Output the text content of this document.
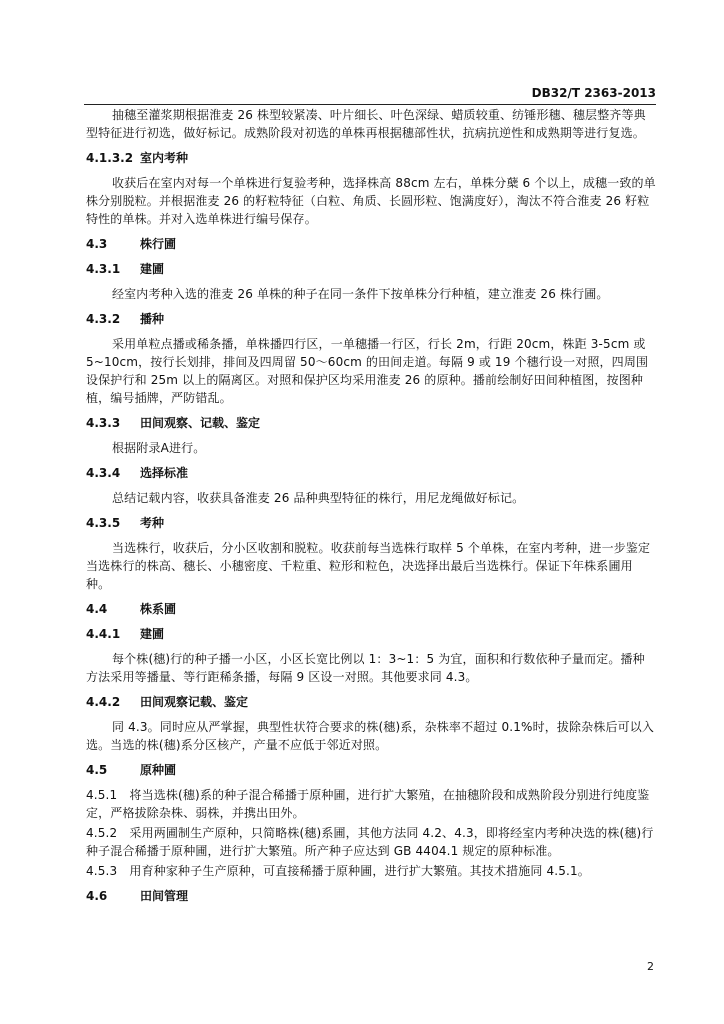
DB32/T 2363-2013
抽穗至灌浆期根据淮麦 26 株型较紧凑、叶片细长、叶色深绿、蜡质较重、纺锤形穗、穗层整齐等典型特征进行初选，做好标记。成熟阶段对初选的单株再根据穗部性状，抗病抗逆性和成熟期等进行复选。
4.1.3.2 室内考种
收获后在室内对每一个单株进行复验考种，选择株高 88cm 左右，单株分蘖 6 个以上，成穗一致的单株分别脱粒。并根据淮麦 26 的籽粒特征（白粒、角质、长圆形粒、饱满度好），淘汰不符合淮麦 26 籽粒特性的单株。并对入选单株进行编号保存。
4.3	株行圃
4.3.1 建圃
经室内考种入选的淮麦 26 单株的种子在同一条件下按单株分行种植，建立淮麦 26 株行圃。
4.3.2 播种
采用单粒点播或稀条播，单株播四行区，一单穗播一行区，行长 2m，行距 20cm，株距 3-5cm 或 5~10cm，按行长划排，排间及四周留 50～60cm 的田间走道。每隔 9 或 19 个穗行设一对照，四周围设保护行和 25m 以上的隔离区。对照和保护区均采用淮麦 26 的原种。播前绘制好田间种植图，按图种植，编号插牌，严防错乱。
4.3.3 田间观察、记载、鉴定
根据附录A进行。
4.3.4 选择标准
总结记载内容，收获具备淮麦 26 品种典型特征的株行，用尼龙绳做好标记。
4.3.5 考种
当选株行，收获后，分小区收割和脱粒。收获前每当选株行取样 5 个单株，在室内考种，进一步鉴定当选株行的株高、穗长、小穗密度、千粒重、粒形和粒色，决选择出最后当选株行。保证下年株系圃用种。
4.4	株系圃
4.4.1 建圃
每个株(穗)行的种子播一小区，小区长宽比例以 1：3~1：5 为宜，面积和行数依种子量而定。播种方法采用等播量、等行距稀条播，每隔 9 区设一对照。其他要求同 4.3。
4.4.2 田间观察记载、鉴定
同 4.3。同时应从严掌握，典型性状符合要求的株(穗)系，杂株率不超过 0.1%时，拔除杂株后可以入选。当选的株(穗)系分区核产，产量不应低于邻近对照。
4.5	原种圃
4.5.1　将当选株(穗)系的种子混合稀播于原种圃，进行扩大繁殖，在抽穗阶段和成熟阶段分别进行纯度鉴定，严格拔除杂株、弱株，并携出田外。
4.5.2　采用两圃制生产原种，只简略株(穗)系圃，其他方法同 4.2、4.3，即将经室内考种决选的株(穗)行种子混合稀播于原种圃，进行扩大繁殖。所产种子应达到 GB 4404.1 规定的原种标准。
4.5.3　用育种家种子生产原种，可直接稀播于原种圃，进行扩大繁殖。其技术措施同 4.5.1。
4.6	田间管理
2
